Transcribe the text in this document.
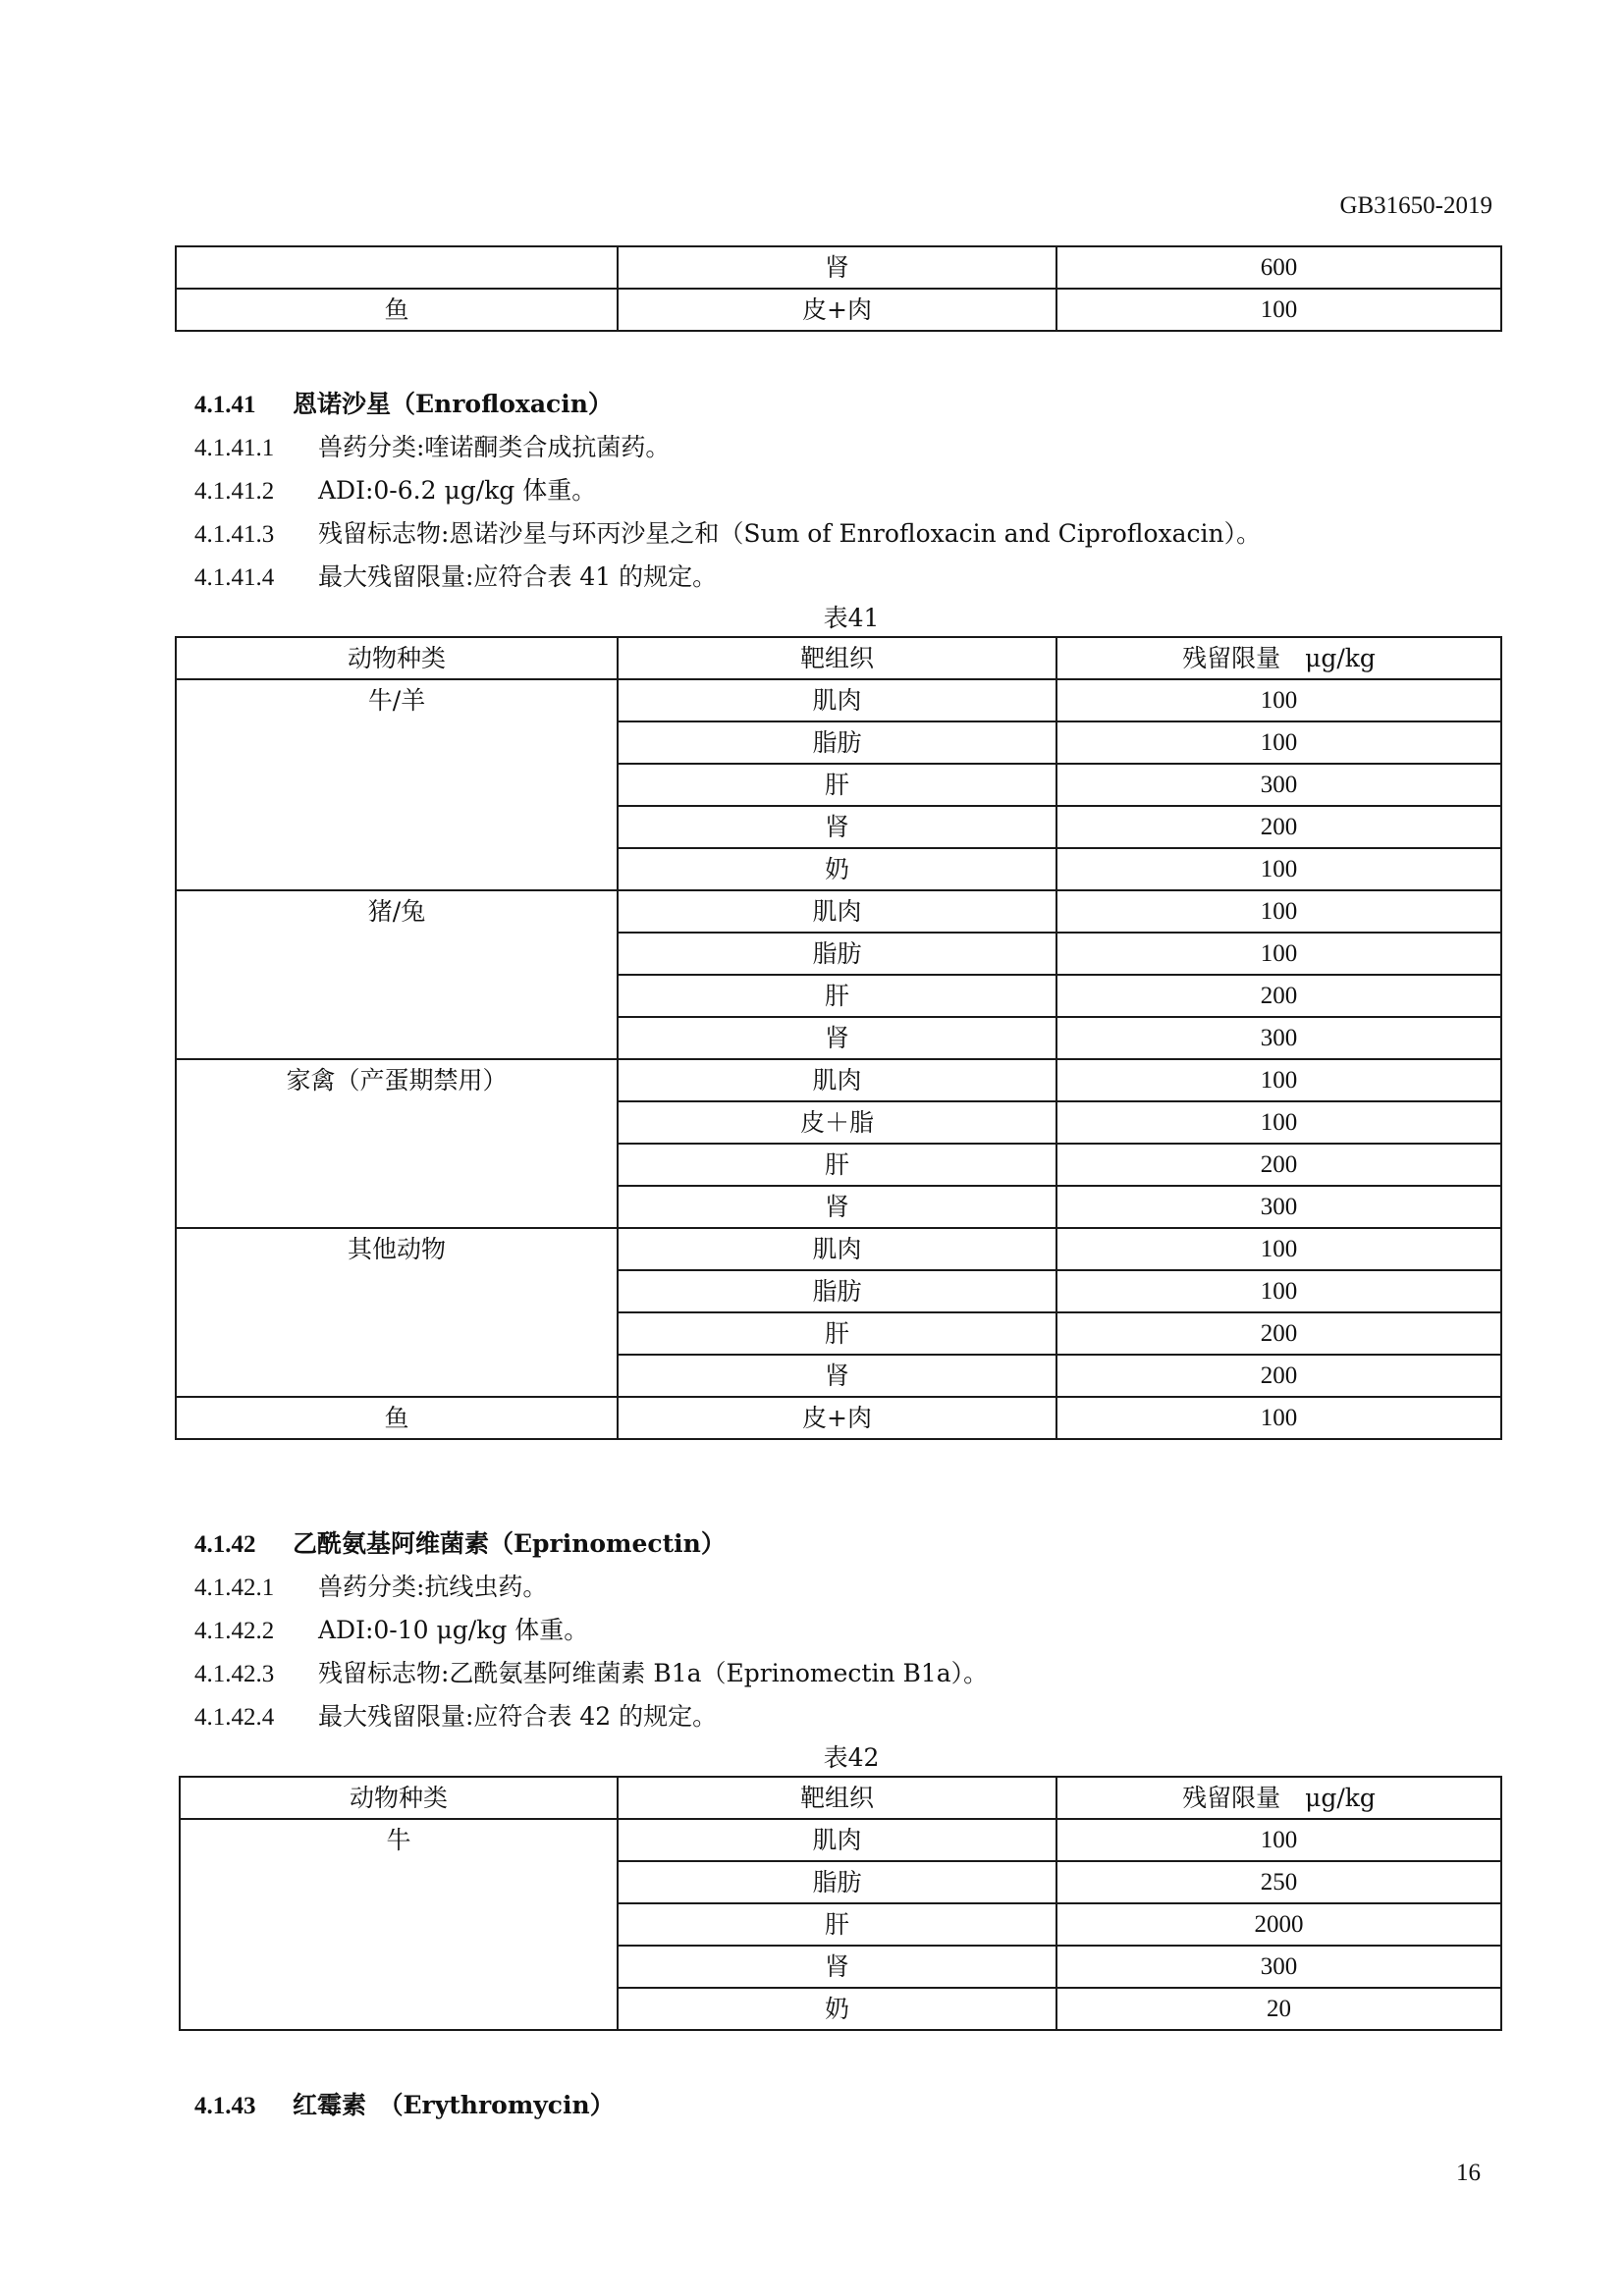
GB31650-2019
	肾	600
鱼	皮+肉	100
4.1.41 恩诺沙星（Enrofloxacin）
4.1.41.1 兽药分类:喹诺酮类合成抗菌药。
4.1.41.2 ADI:0-6.2 μg/kg 体重。
4.1.41.3 残留标志物:恩诺沙星与环丙沙星之和（Sum of Enrofloxacin and Ciprofloxacin）。
4.1.41.4 最大残留限量:应符合表 41 的规定。
表41
动物种类	靶组织	残留限量　μg/kg
牛/羊	肌肉	100
	脂肪	100
	肝	300
	肾	200
	奶	100
猪/兔	肌肉	100
	脂肪	100
	肝	200
	肾	300
家禽（产蛋期禁用）	肌肉	100
	皮＋脂	100
	肝	200
	肾	300
其他动物	肌肉	100
	脂肪	100
	肝	200
	肾	200
鱼	皮+肉	100
4.1.42 乙酰氨基阿维菌素（Eprinomectin）
4.1.42.1 兽药分类:抗线虫药。
4.1.42.2 ADI:0-10 μg/kg 体重。
4.1.42.3 残留标志物:乙酰氨基阿维菌素 B1a（Eprinomectin B1a）。
4.1.42.4 最大残留限量:应符合表 42 的规定。
表42
动物种类	靶组织	残留限量　μg/kg
牛	肌肉	100
	脂肪	250
	肝	2000
	肾	300
	奶	20
4.1.43 红霉素　（Erythromycin）
16
